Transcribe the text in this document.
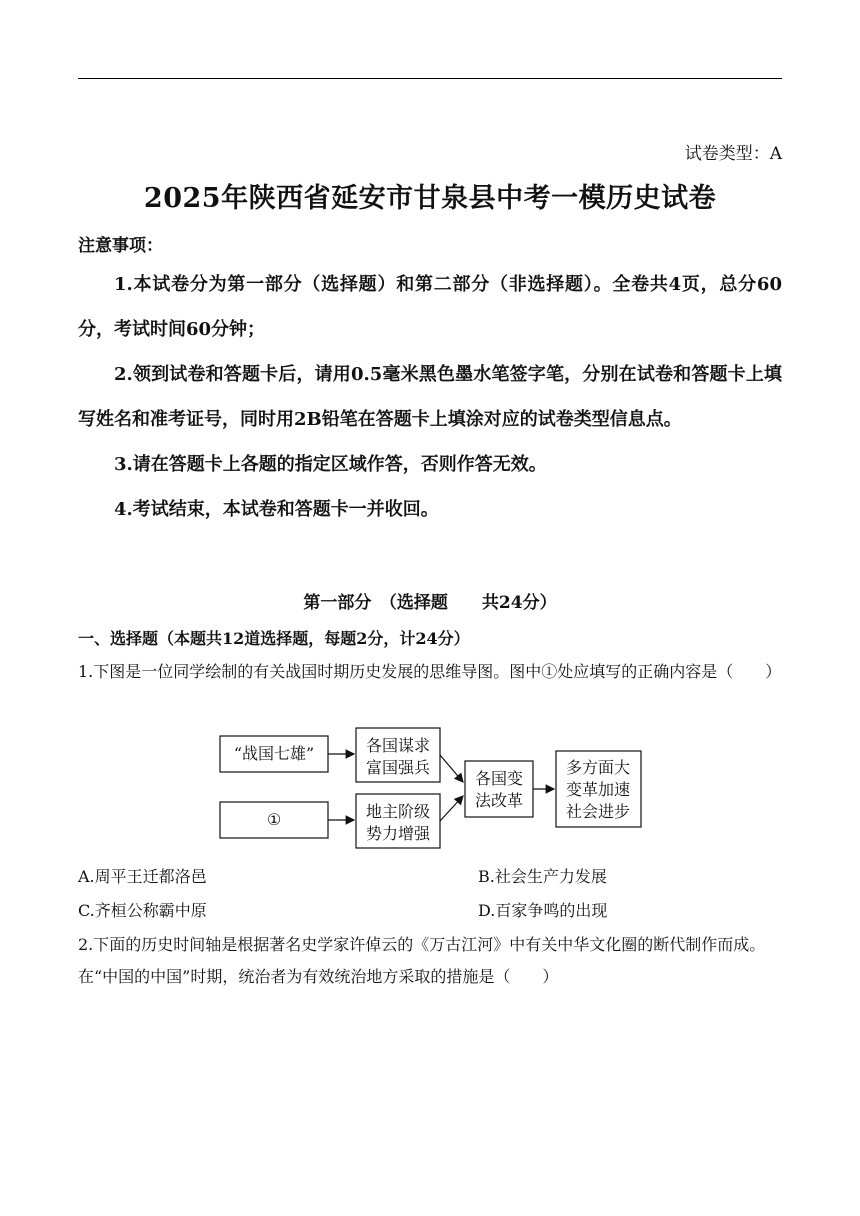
试卷类型：A
2025年陕西省延安市甘泉县中考一模历史试卷
注意事项：

1.本试卷分为第一部分（选择题）和第二部分（非选择题）。全卷共4页，总分60分，考试时间60分钟；

2.领到试卷和答题卡后，请用0.5毫米黑色墨水笔签字笔，分别在试卷和答题卡上填写姓名和准考证号，同时用2B铅笔在答题卡上填涂对应的试卷类型信息点。

3.请在答题卡上各题的指定区域作答，否则作答无效。

4.考试结束，本试卷和答题卡一并收回。

第一部分　（选择题　　共24分）
一、选择题（本题共12道选择题，每题2分，计24分）

1.下图是一位同学绘制的有关战国时期历史发展的思维导图。图中①处应填写的正确内容是（　　）

“战国七雄”
①
各国谋求
富国强兵
地主阶级
势力增强
各国变
法改革
多方面大
变革加速
社会进步
A.周平王迁都洛邑	B.社会生产力发展
C.齐桓公称霸中原	D.百家争鸣的出现

2.下面的历史时间轴是根据著名史学家许倬云的《万古江河》中有关中华文化圈的断代制作而成。在“中国的中国”时期，统治者为有效统治地方采取的措施是（　　）
